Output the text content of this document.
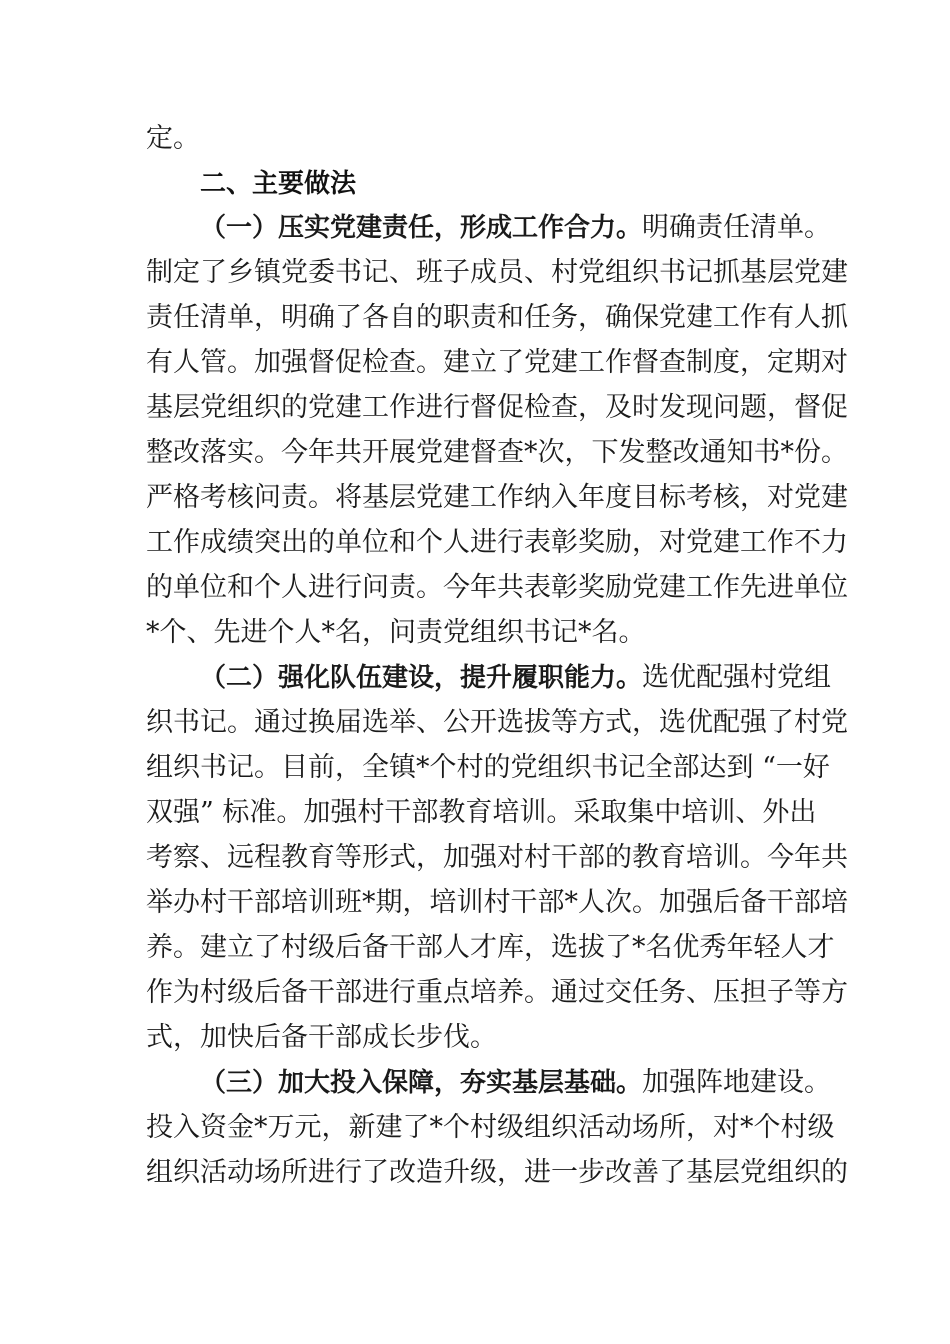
定。
二、主要做法
（一）压实党建责任，形成工作合力。明确责任清单。
制定了乡镇党委书记、班子成员、村党组织书记抓基层党建
责任清单，明确了各自的职责和任务，确保党建工作有人抓
有人管。加强督促检查。建立了党建工作督查制度，定期对
基层党组织的党建工作进行督促检查，及时发现问题，督促
整改落实。今年共开展党建督查*次，下发整改通知书*份。
严格考核问责。将基层党建工作纳入年度目标考核，对党建
工作成绩突出的单位和个人进行表彰奖励，对党建工作不力
的单位和个人进行问责。今年共表彰奖励党建工作先进单位
*个、先进个人*名，问责党组织书记*名。
（二）强化队伍建设，提升履职能力。选优配强村党组
织书记。通过换届选举、公开选拔等方式，选优配强了村党
组织书记。目前，全镇*个村的党组织书记全部达到 “一好
双强” 标准。加强村干部教育培训。采取集中培训、外出
考察、远程教育等形式，加强对村干部的教育培训。今年共
举办村干部培训班*期，培训村干部*人次。加强后备干部培
养。建立了村级后备干部人才库，选拔了*名优秀年轻人才
作为村级后备干部进行重点培养。通过交任务、压担子等方
式，加快后备干部成长步伐。
（三）加大投入保障，夯实基层基础。加强阵地建设。
投入资金*万元，新建了*个村级组织活动场所，对*个村级
组织活动场所进行了改造升级，进一步改善了基层党组织的
